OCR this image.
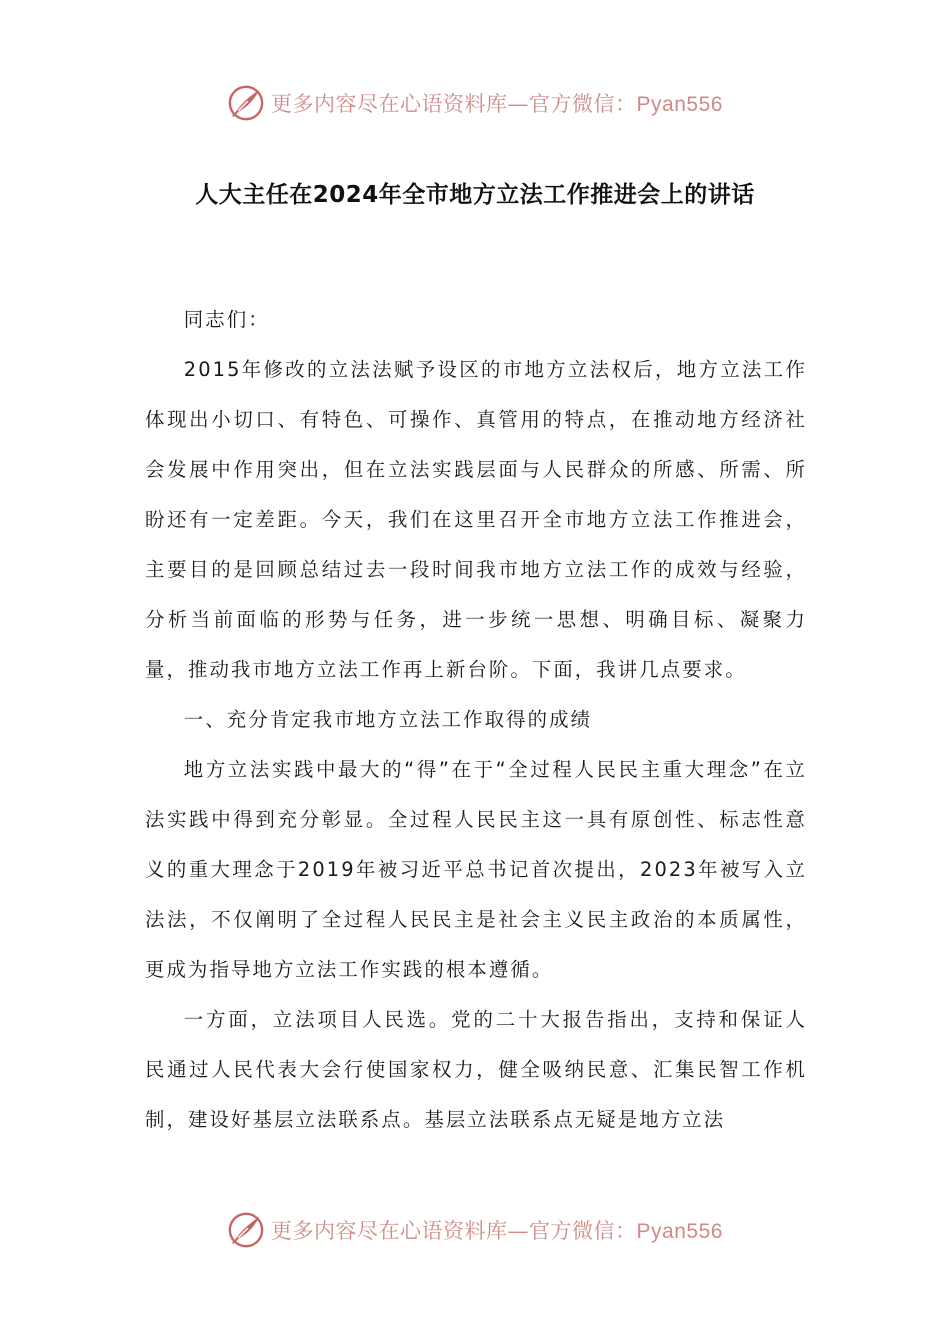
更多内容尽在心语资料库—官方微信：Pyan556
人大主任在2024年全市地方立法工作推进会上的讲话

同志们：

2015年修改的立法法赋予设区的市地方立法权后，地方立法工作体现出小切口、有特色、可操作、真管用的特点，在推动地方经济社会发展中作用突出，但在立法实践层面与人民群众的所感、所需、所盼还有一定差距。今天，我们在这里召开全市地方立法工作推进会，主要目的是回顾总结过去一段时间我市地方立法工作的成效与经验，分析当前面临的形势与任务，进一步统一思想、明确目标、凝聚力量，推动我市地方立法工作再上新台阶。下面，我讲几点要求。

一、充分肯定我市地方立法工作取得的成绩

地方立法实践中最大的“得”在于“全过程人民民主重大理念”在立法实践中得到充分彰显。全过程人民民主这一具有原创性、标志性意义的重大理念于2019年被习近平总书记首次提出，2023年被写入立法法，不仅阐明了全过程人民民主是社会主义民主政治的本质属性，更成为指导地方立法工作实践的根本遵循。

一方面，立法项目人民选。党的二十大报告指出，支持和保证人民通过人民代表大会行使国家权力，健全吸纳民意、汇集民智工作机制，建设好基层立法联系点。基层立法联系点无疑是地方立法

更多内容尽在心语资料库—官方微信：Pyan556
